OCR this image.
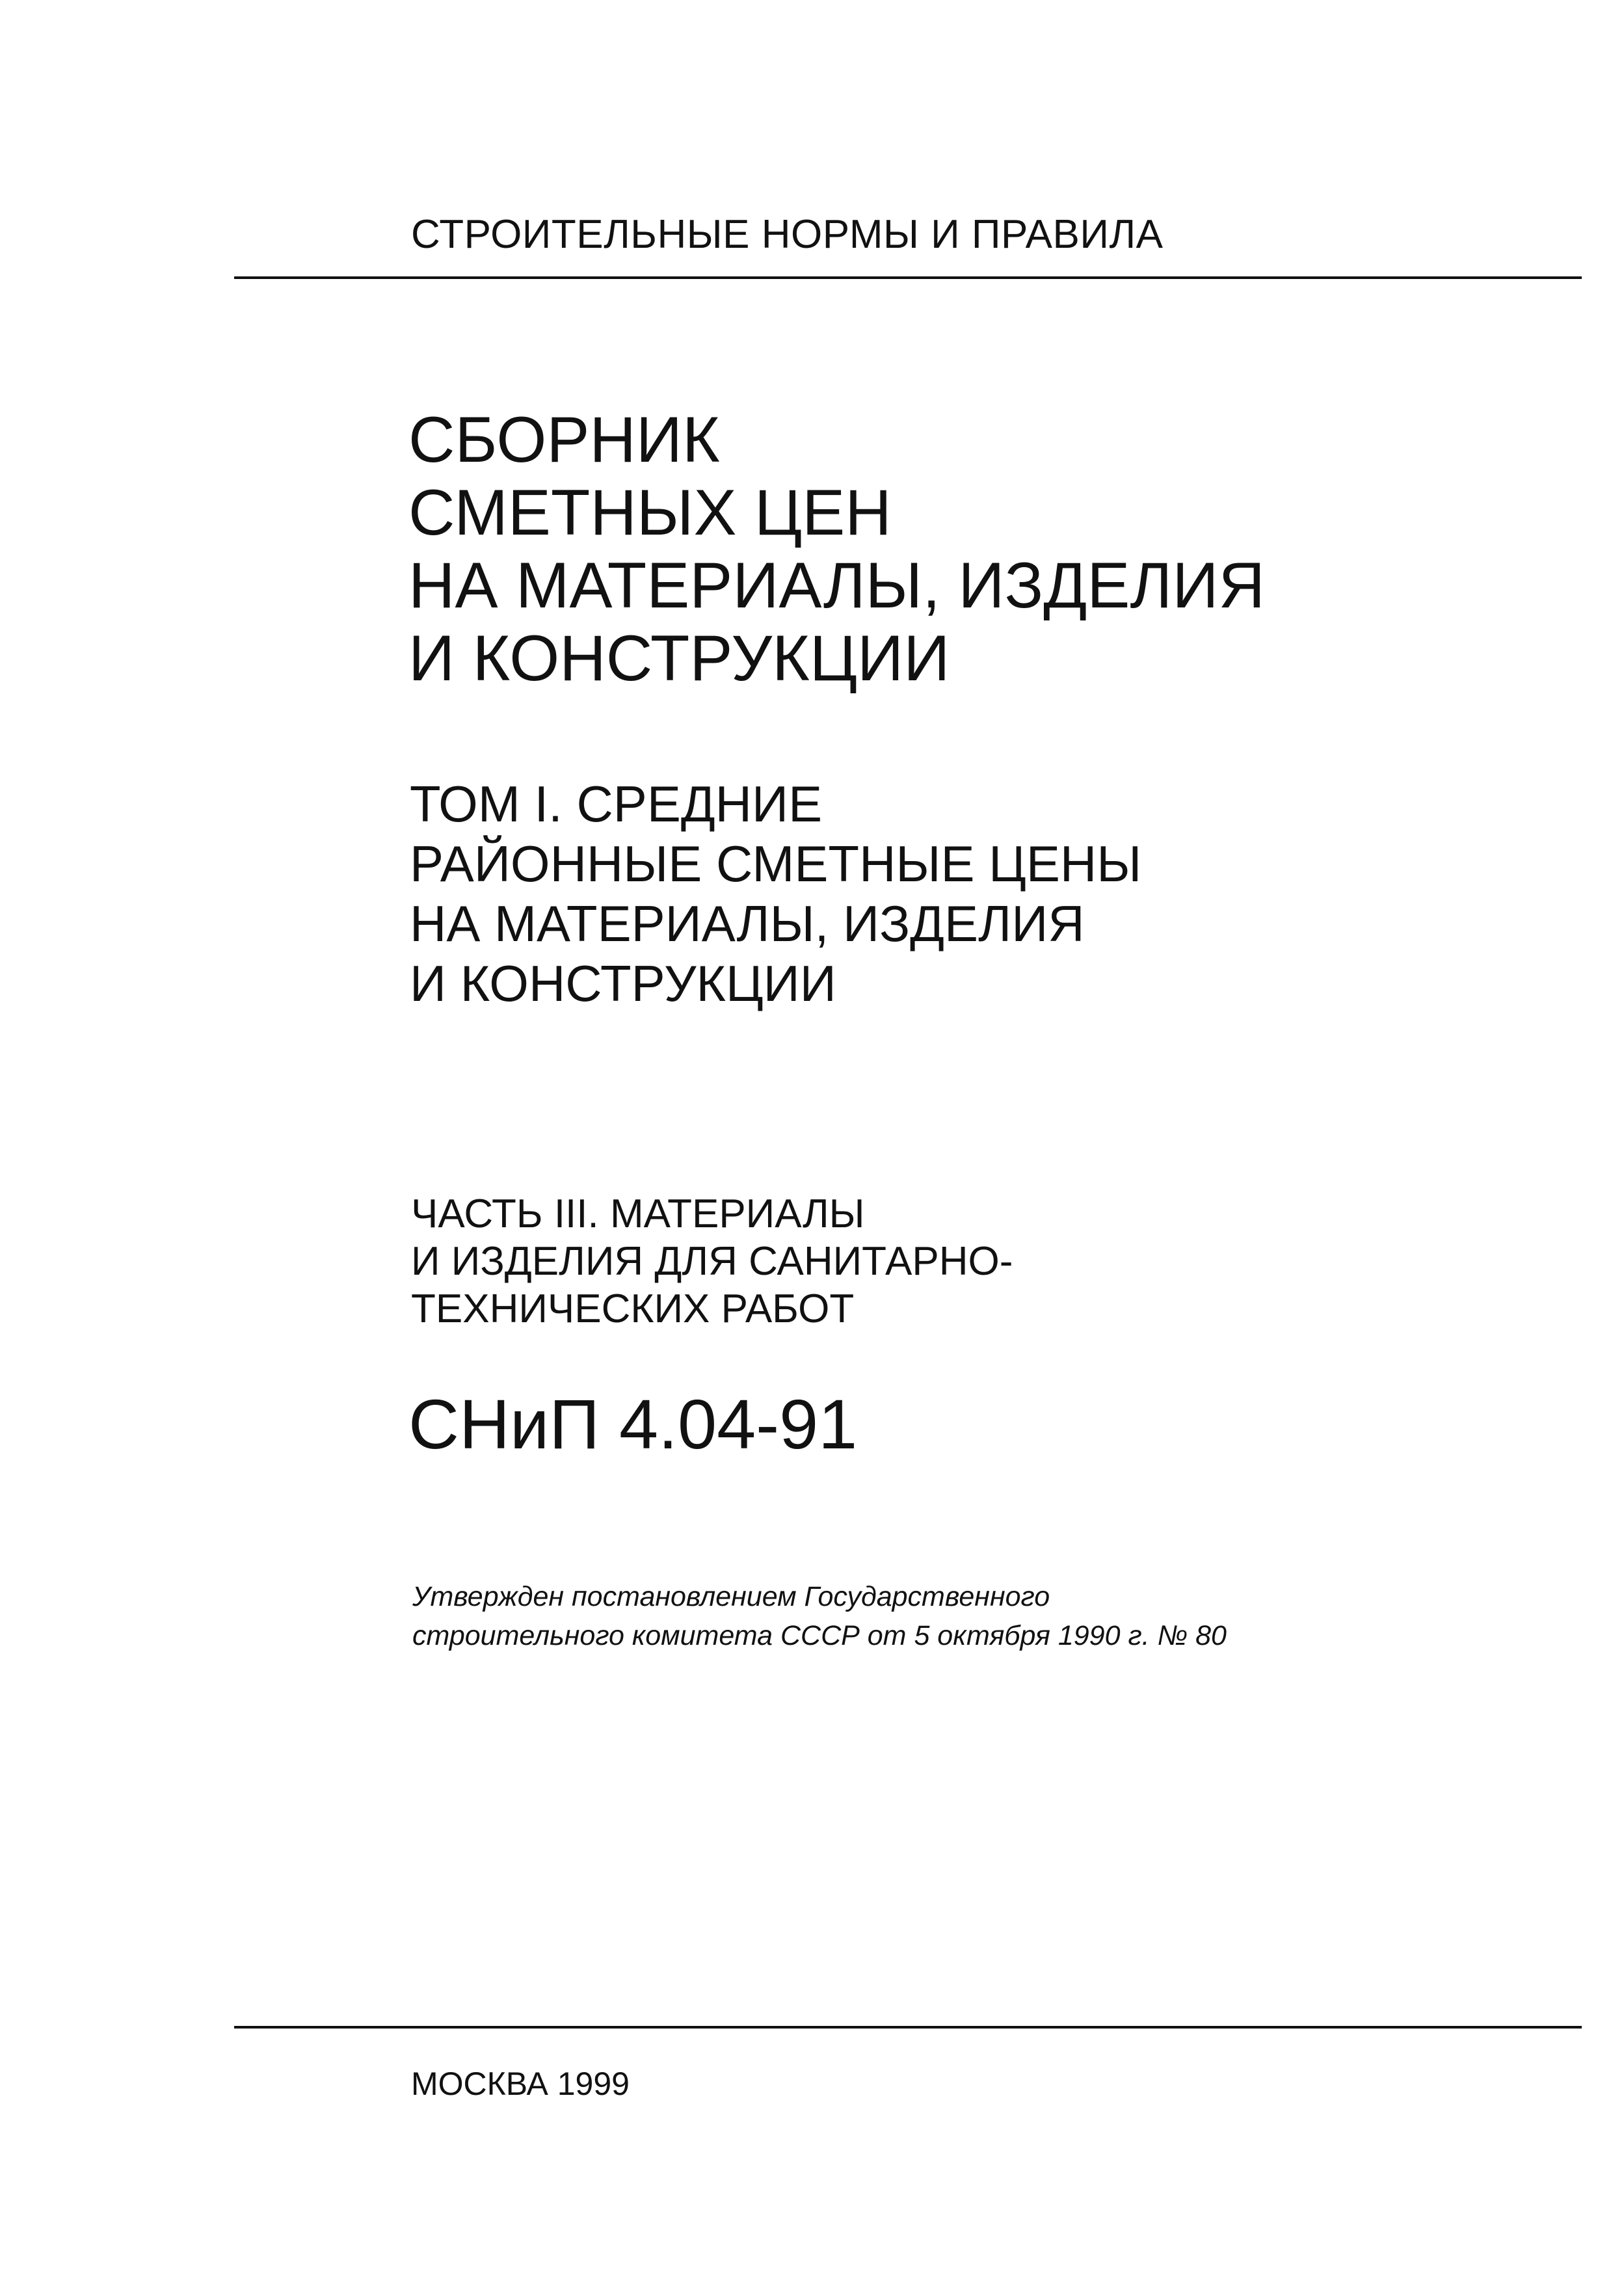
СТРОИТЕЛЬНЫЕ НОРМЫ И ПРАВИЛА
СБОРНИК
СМЕТНЫХ ЦЕН
НА МАТЕРИАЛЫ, ИЗДЕЛИЯ
И КОНСТРУКЦИИ
ТОМ I. СРЕДНИЕ
РАЙОННЫЕ СМЕТНЫЕ ЦЕНЫ
НА МАТЕРИАЛЫ, ИЗДЕЛИЯ
И КОНСТРУКЦИИ
ЧАСТЬ III. МАТЕРИАЛЫ
И ИЗДЕЛИЯ ДЛЯ САНИТАРНО-
ТЕХНИЧЕСКИХ РАБОТ
СНиП 4.04-91
Утвержден постановлением Государственного
строительного комитета СССР от 5 октября 1990 г. № 80
МОСКВА 1999
